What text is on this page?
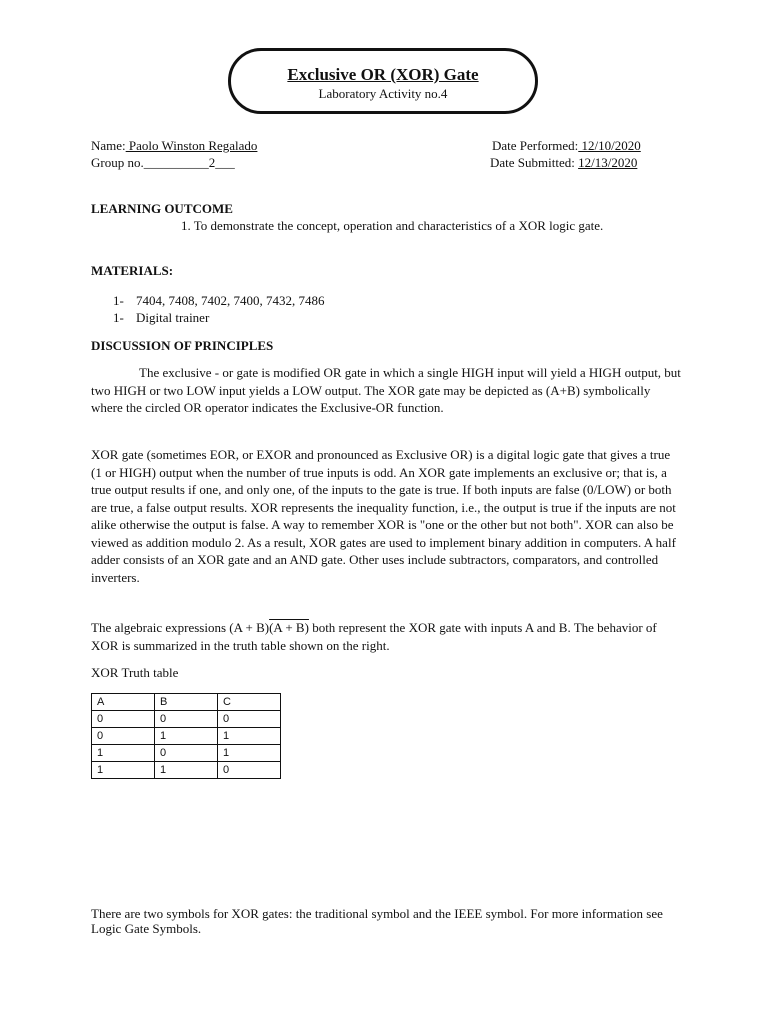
Exclusive OR (XOR) Gate
Laboratory Activity no.4
Name: Paolo Winston Regalado
Group no.__________2___
Date Performed: 12/10/2020
Date Submitted: 12/13/2020
LEARNING OUTCOME
1. To demonstrate the concept, operation and characteristics of a XOR logic gate.
MATERIALS:
1- 7404, 7408, 7402, 7400, 7432, 7486
1- Digital trainer
DISCUSSION OF PRINCIPLES
The exclusive - or gate is modified OR gate in which a single HIGH input will yield a HIGH output, but two HIGH or two LOW input yields a LOW output. The XOR gate may be depicted as (A+B) symbolically where the circled OR operator indicates the Exclusive-OR function.
XOR gate (sometimes EOR, or EXOR and pronounced as Exclusive OR) is a digital logic gate that gives a true (1 or HIGH) output when the number of true inputs is odd. An XOR gate implements an exclusive or; that is, a true output results if one, and only one, of the inputs to the gate is true. If both inputs are false (0/LOW) or both are true, a false output results. XOR represents the inequality function, i.e., the output is true if the inputs are not alike otherwise the output is false. A way to remember XOR is "one or the other but not both". XOR can also be viewed as addition modulo 2. As a result, XOR gates are used to implement binary addition in computers. A half adder consists of an XOR gate and an AND gate. Other uses include subtractors, comparators, and controlled inverters.
The algebraic expressions (A + B)(A + B) both represent the XOR gate with inputs A and B. The behavior of XOR is summarized in the truth table shown on the right.
XOR Truth table
A	B	C
0	0	0
0	1	1
1	0	1
1	1	0
There are two symbols for XOR gates: the traditional symbol and the IEEE symbol. For more information see Logic Gate Symbols.
